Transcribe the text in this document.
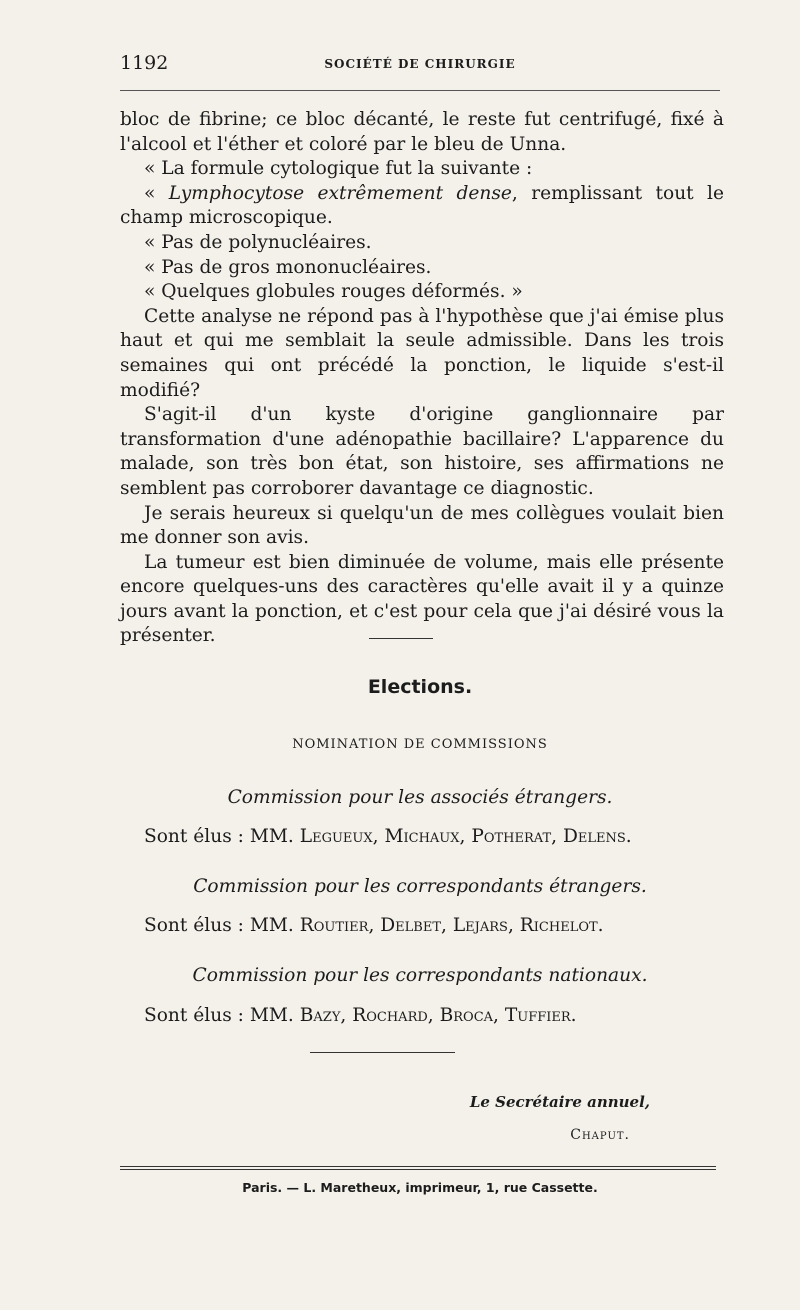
1192	SOCIÉTÉ DE CHIRURGIE

bloc de fibrine; ce bloc décanté, le reste fut centrifugé, fixé à l'alcool et l'éther et coloré par le bleu de Unna.

« La formule cytologique fut la suivante :

« Lymphocytose extrêmement dense, remplissant tout le champ microscopique.

« Pas de polynucléaires.

« Pas de gros mononucléaires.

« Quelques globules rouges déformés. »

Cette analyse ne répond pas à l'hypothèse que j'ai émise plus haut et qui me semblait la seule admissible. Dans les trois semaines qui ont précédé la ponction, le liquide s'est-il modifié?

S'agit-il d'un kyste d'origine ganglionnaire par transformation d'une adénopathie bacillaire? L'apparence du malade, son très bon état, son histoire, ses affirmations ne semblent pas corroborer davantage ce diagnostic.

Je serais heureux si quelqu'un de mes collègues voulait bien me donner son avis.

La tumeur est bien diminuée de volume, mais elle présente encore quelques-uns des caractères qu'elle avait il y a quinze jours avant la ponction, et c'est pour cela que j'ai désiré vous la présenter.

Elections.
NOMINATION DE COMMISSIONS
Commission pour les associés étrangers.
Sont élus : MM. Legueux, Michaux, Potherat, Delens.
Commission pour les correspondants étrangers.
Sont élus : MM. Routier, Delbet, Lejars, Richelot.
Commission pour les correspondants nationaux.
Sont élus : MM. Bazy, Rochard, Broca, Tuffier.
Le Secrétaire annuel,
Chaput.
Paris. — L. Maretheux, imprimeur, 1, rue Cassette.
